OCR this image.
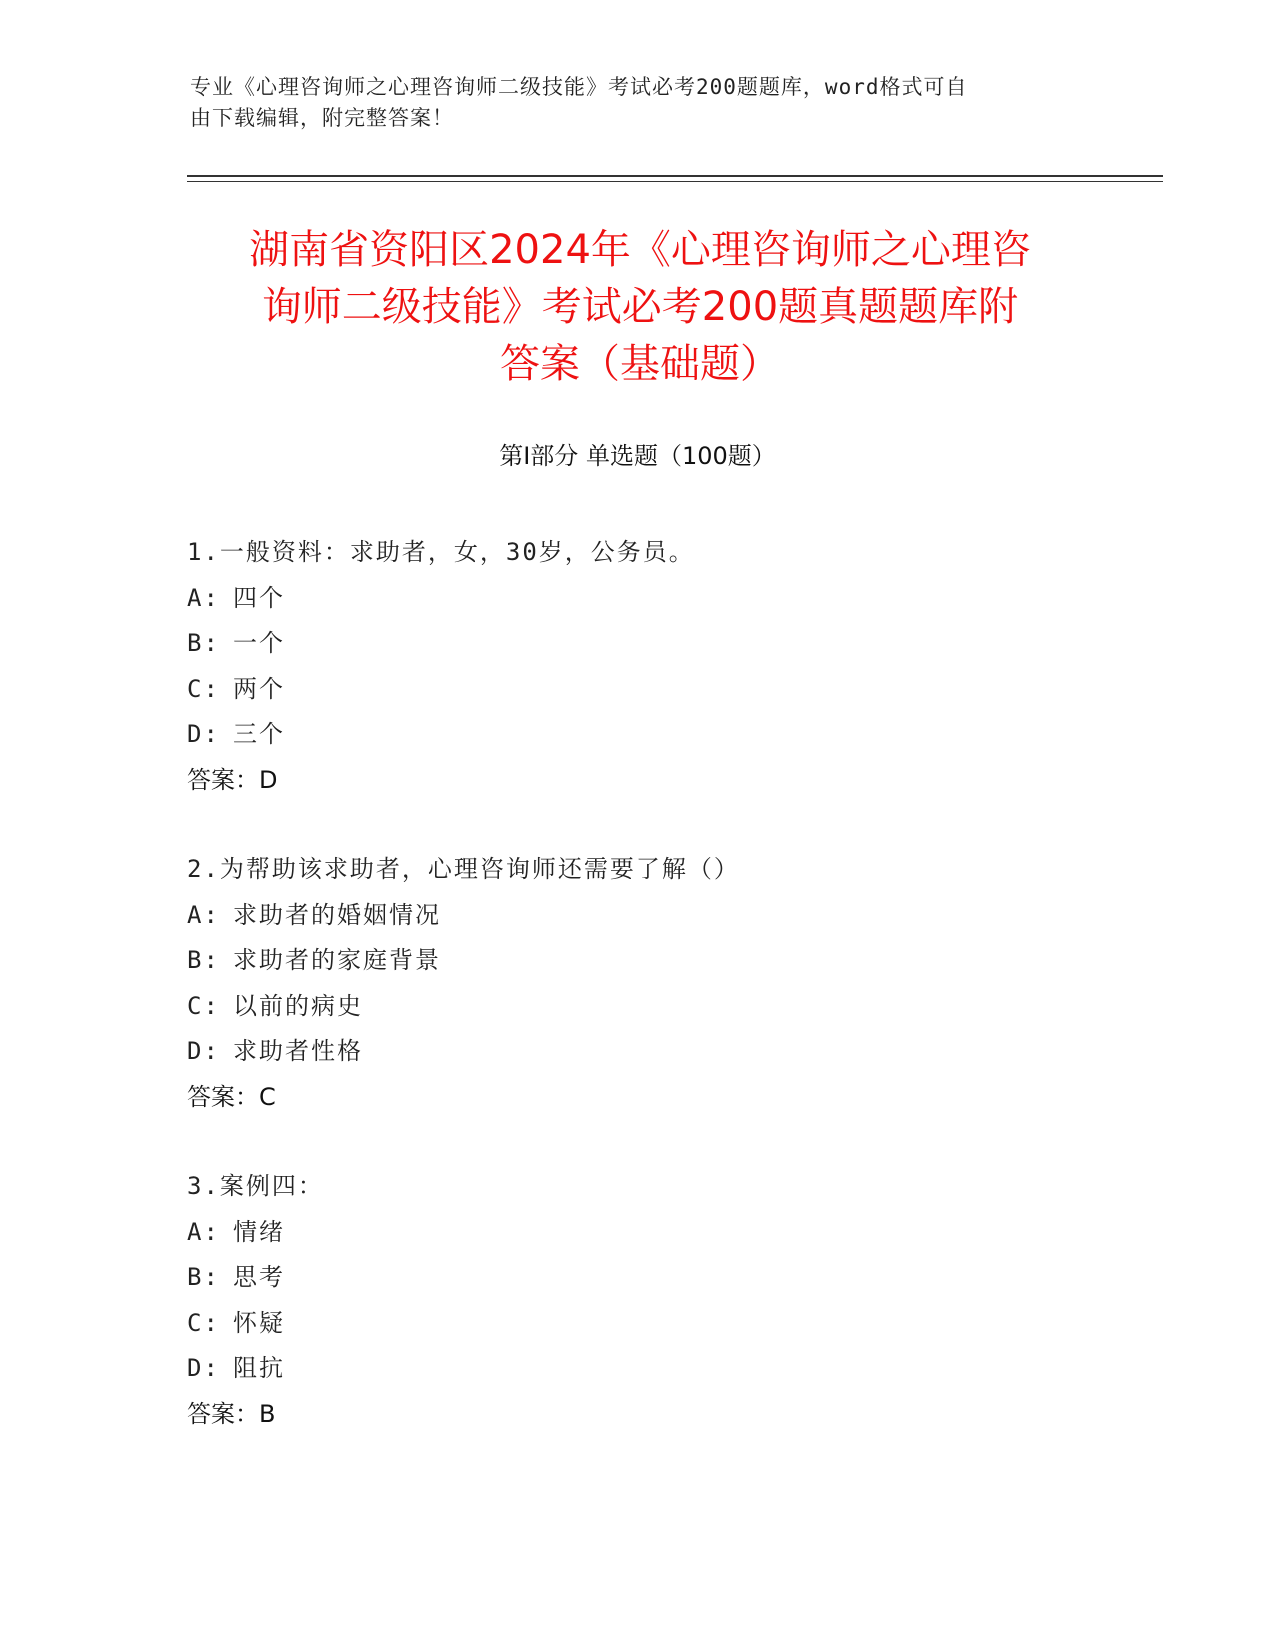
专业《心理咨询师之心理咨询师二级技能》考试必考200题题库，word格式可自
由下载编辑，附完整答案！
湖南省资阳区2024年《心理咨询师之心理咨
询师二级技能》考试必考200题真题题库附
答案（基础题）
第Ⅰ部分 单选题（100题）
1.一般资料：求助者，女，30岁，公务员。
A: 四个
B: 一个
C: 两个
D: 三个
答案：D
2.为帮助该求助者，心理咨询师还需要了解（）
A: 求助者的婚姻情况
B: 求助者的家庭背景
C: 以前的病史
D: 求助者性格
答案：C
3.案例四：
A: 情绪
B: 思考
C: 怀疑
D: 阻抗
答案：B
